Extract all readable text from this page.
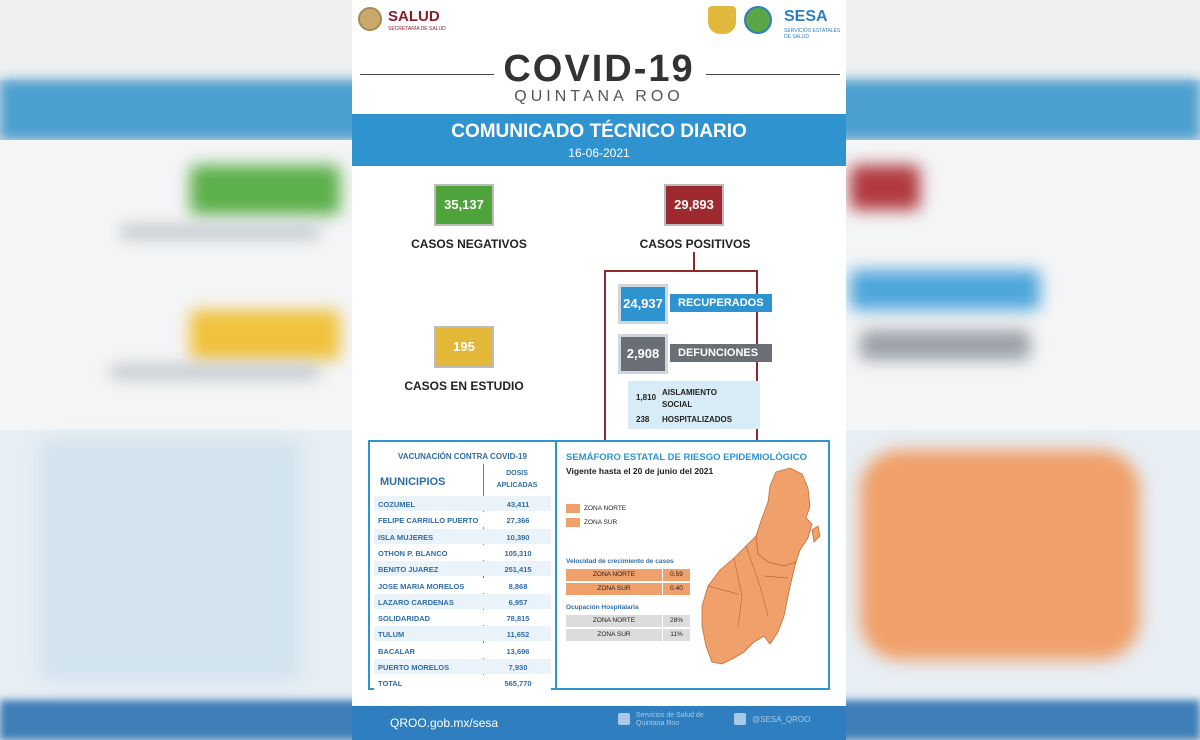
SALUD
SECRETARÍA DE SALUD
SESA
SERVICIOS ESTATALES DE SALUD
COVID-19
QUINTANA ROO
COMUNICADO TÉCNICO DIARIO
16-06-2021
35,137
CASOS NEGATIVOS
29,893
CASOS POSITIVOS
195
CASOS EN ESTUDIO
24,937	RECUPERADOS
2,908	DEFUNCIONES
1,810
AISLAMIENTO SOCIAL
238 HOSPITALIZADOS
VACUNACIÓN CONTRA COVID-19
MUNICIPIOS
DOSIS APLICADAS
COZUMEL	43,411
FELIPE CARRILLO PUERTO	27,366
ISLA MUJERES	10,390
OTHON P. BLANCO	105,310
BENITO JUAREZ	251,415
JOSE MARIA MORELOS	8,868
LAZARO CARDENAS	6,957
SOLIDARIDAD	78,815
TULUM	11,652
BACALAR	13,696
PUERTO MORELOS	7,930
TOTAL	565,770
SEMÁFORO ESTATAL DE RIESGO EPIDEMIOLÓGICO
Vigente hasta el 20 de junio del 2021
ZONA NORTE
ZONA SUR
Velocidad de crecimiento de casos
ZONA NORTE	0.59
ZONA SUR	0.40
Ocupación Hospitalaria
ZONA NORTE	28%
ZONA SUR	11%
QROO.gob.mx/sesa
Servicios de Salud de Quintana Roo	@SESA_QROO
